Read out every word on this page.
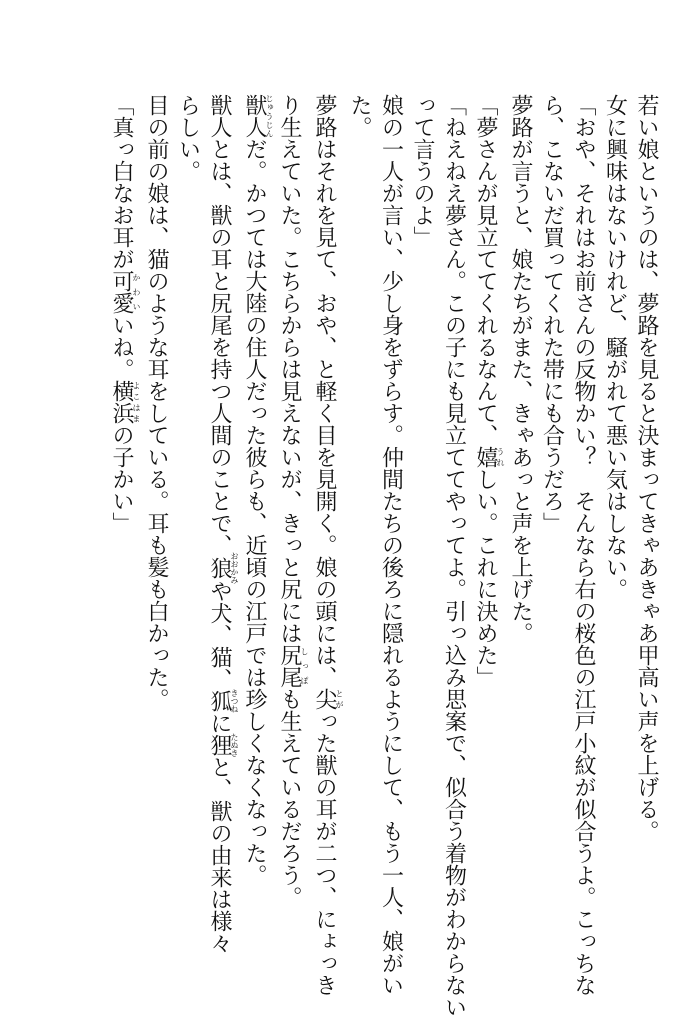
若い娘というのは、夢路を見ると決まってきゃあきゃあ甲高い声を上げる。
女に興味はないけれど、騒がれて悪い気はしない。
「おや、それはお前さんの反物かい？　そんなら右の桜色の江戸小紋が似合うよ。こっちな
ら、こないだ買ってくれた帯にも合うだろ」
夢路が言うと、娘たちがまた、きゃあっと声を上げた。
「夢さんが見立ててくれるなんて、嬉うれしい。これに決めた」
「ねえねえ夢さん。この子にも見立ててやってよ。引っ込み思案で、似合う着物がわからない
って言うのよ」
娘の一人が言い、少し身をずらす。仲間たちの後ろに隠れるようにして、もう一人、娘がい
た。
夢路はそれを見て、おや、と軽く目を見開く。娘の頭には、尖とがった獣の耳が二つ、にょっき
り生えていた。こちらからは見えないが、きっと尻には尻尾しっぽも生えているだろう。
獣人じゅうじんだ。かつては大陸の住人だった彼らも、近頃の江戸では珍しくなくなった。
獣人とは、獣の耳と尻尾を持つ人間のことで、狼おおかみや犬、猫、狐きつねに狸たぬきと、獣の由来は様々
らしい。
目の前の娘は、猫のような耳をしている。耳も髪も白かった。
「真っ白なお耳が可愛かわいいね。横浜よこはまの子かい」
